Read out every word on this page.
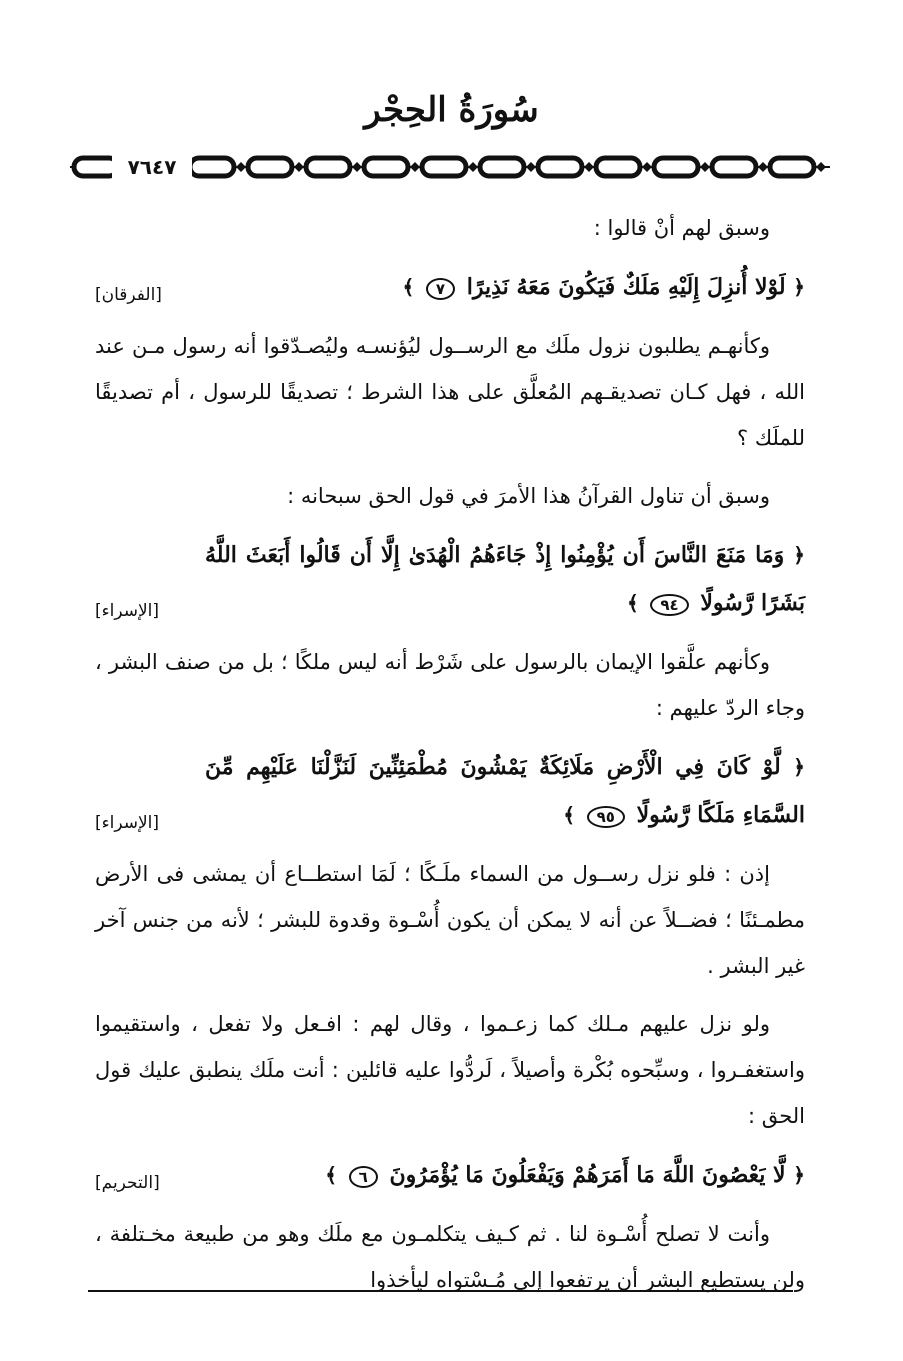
سُورَةُ الحِجْر
٧٦٤٧

وسبق لهم أنْ قالوا :

﴿ لَوْلا أُنزِلَ إِلَيْهِ مَلَكٌ فَيَكُونَ مَعَهُ نَذِيرًا ٧ ﴾
[الفرقان]

وكأنهـم يطلبون نزول ملَك مع الرســول ليُؤنسـه وليُصـدّقوا أنه رسول مـن عند الله ، فهل كـان تصديقـهم المُعلَّق على هذا الشرط ؛ تصديقًا للرسول ، أم تصديقًا للملَك ؟

وسبق أن تناول القرآنُ هذا الأمرَ في قول الحق سبحانه :

﴿ وَمَا مَنَعَ النَّاسَ أَن يُؤْمِنُوا إِذْ جَاءَهُمُ الْهُدَىٰ إِلَّا أَن قَالُوا أَبَعَثَ اللَّهُ بَشَرًا رَّسُولًا ٩٤ ﴾
[الإسراء]

وكأنهم علَّقوا الإيمان بالرسول على شَرْط أنه ليس ملكًا ؛ بل من صنف البشر ، وجاء الردّ عليهم :

﴿ لَّوْ كَانَ فِي الْأَرْضِ مَلَائِكَةٌ يَمْشُونَ مُطْمَئِنِّينَ لَنَزَّلْنَا عَلَيْهِم مِّنَ السَّمَاءِ مَلَكًا رَّسُولًا ٩٥ ﴾
[الإسراء]

إذن : فلو نزل رســول من السماء ملَـكًا ؛ لَمَا استطــاع أن يمشى فى الأرض مطمـئنًا ؛ فضــلاً عن أنه لا يمكن أن يكون أُسْـوة وقدوة للبشر ؛ لأنه من جنس آخر غير البشر .

ولو نزل عليهم مـلك كما زعـموا ، وقال لهم : افـعل ولا تفعل ، واستقيموا واستغفـروا ، وسبِّحوه بُكْرة وأصيلاً ، لَردُّوا عليه قائلين : أنت ملَك ينطبق عليك قول الحق :

﴿ لَّا يَعْصُونَ اللَّهَ مَا أَمَرَهُمْ وَيَفْعَلُونَ مَا يُؤْمَرُونَ ٦ ﴾
[التحريم]

وأنت لا تصلح أُسْـوة لنا . ثم كـيف يتكلمـون مع ملَك وهو من طبيعة مخـتلفة ، ولن يستطيع البشر أن يرتفعوا إلى مُـسْتواه ليأخذوا
